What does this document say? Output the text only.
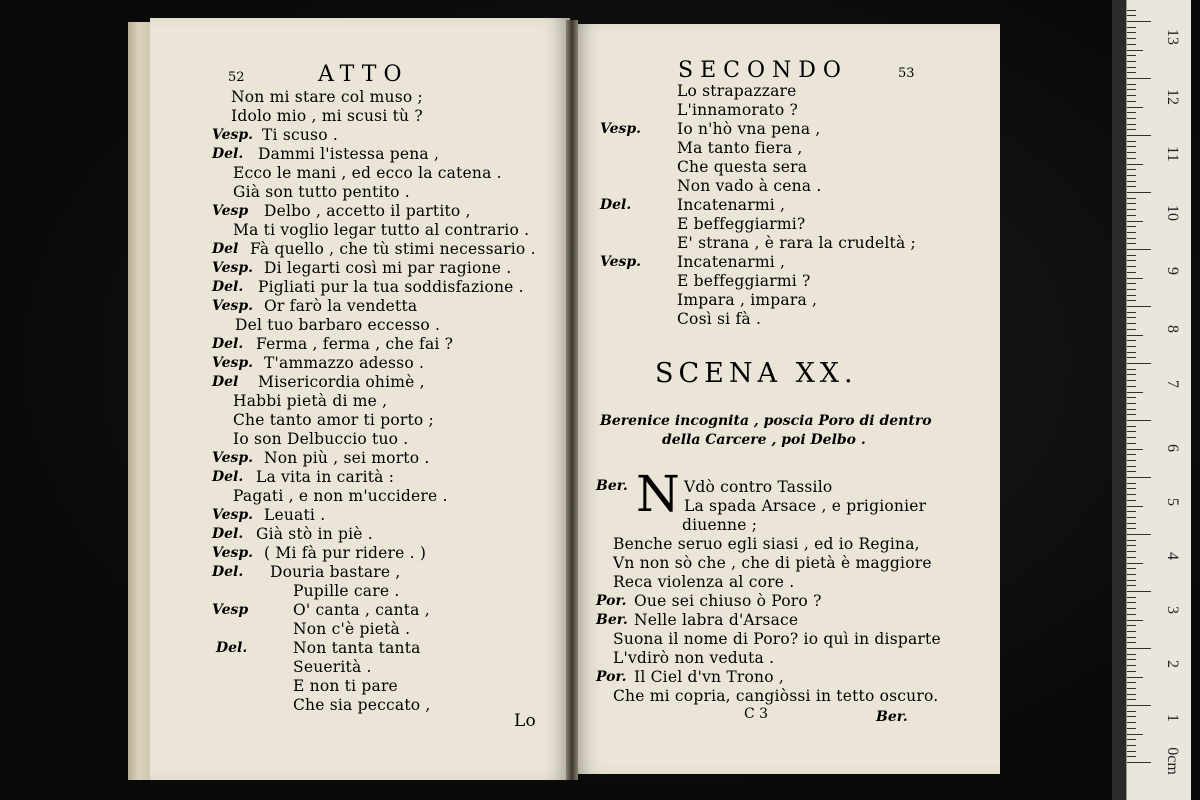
0cm
1
2
3
4
5
6
7
8
9
10
11
12
13
52	ATTO
Non mi stare col muso ;
Idolo mio , mi scusi tù ?
Vesp. Ti scuso .
Del. Dammi l'istessa pena ,
Ecco le mani , ed ecco la catena .
Già son tutto pentito .
Vesp Delbo , accetto il partito ,
Ma ti voglio legar tutto al contrario .
Del Fà quello , che tù stimi necessario .
Vesp. Di legarti così mi par ragione .
Del. Pigliati pur la tua soddisfazione .
Vesp. Or farò la vendetta
Del tuo barbaro eccesso .
Del. Ferma , ferma , che fai ?
Vesp. T'ammazzo adesso .
Del Misericordia ohimè ,
Habbi pietà di me ,
Che tanto amor ti porto ;
Io son Delbuccio tuo .
Vesp. Non più , sei morto .
Del. La vita in carità :
Pagati , e non m'uccidere .
Vesp. Leuati .
Del. Già stò in piè .
Vesp. ( Mi fà pur ridere . )
Del. Douria bastare ,
Pupille care .
Vesp	O' canta , canta ,
Non c'è pietà .
Del.	Non tanta tanta
Seuerità .
E non ti pare
Che sia peccato ,
Lo
SECONDO	53
Lo strapazzare
L'innamorato ?
Vesp. Io n'hò vna pena ,
Ma tanto fiera ,
Che questa sera
Non vado à cena .
Del.	Incatenarmi ,
E beffeggiarmi?
E' strana , è rara la crudeltà ;
Vesp. Incatenarmi ,
E beffeggiarmi ?
Impara , impara ,
Così si fà .
SCENA XX.
Berenice incognita , poscia Poro di dentro
della Carcere , poi Delbo .
Ber. N Vdò contro Tassilo
La spada Arsace , e prigionier
diuenne ;
Benche seruo egli siasi , ed io Regina,
Vn non sò che , che di pietà è maggiore
Reca violenza al core .
Por. Oue sei chiuso ò Poro ?
Ber. Nelle labra d'Arsace
Suona il nome di Poro? io quì in disparte
L'vdirò non veduta .
Por. Il Ciel d'vn Trono ,
Che mi copria, cangiòssi in tetto oscuro.
C 3	Ber.
